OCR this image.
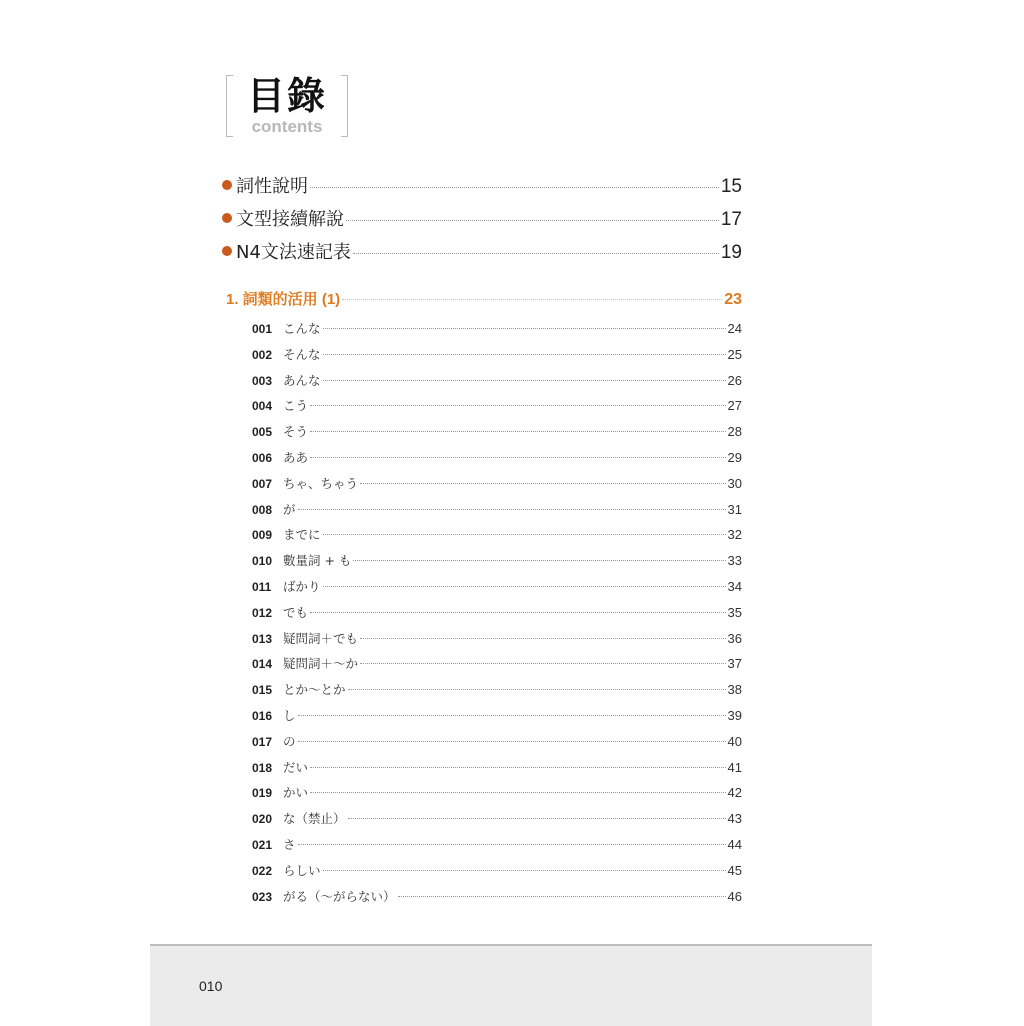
目錄
contents
詞性說明	15
文型接續解說	17
N4文法速記表	19
1. 詞類的活用 (1)	23
001 こんな	24
002 そんな	25
003 あんな	26
004 こう	27
005 そう	28
006 ああ	29
007 ちゃ、ちゃう	30
008 が	31
009 までに	32
010 數量詞 + も	33
011 ばかり	34
012 でも	35
013 疑問詞＋でも	36
014 疑問詞＋～か	37
015 とか～とか	38
016 し	39
017 の	40
018 だい	41
019 かい	42
020 な（禁止）	43
021 さ	44
022 らしい	45
023 がる（～がらない）	46
010
